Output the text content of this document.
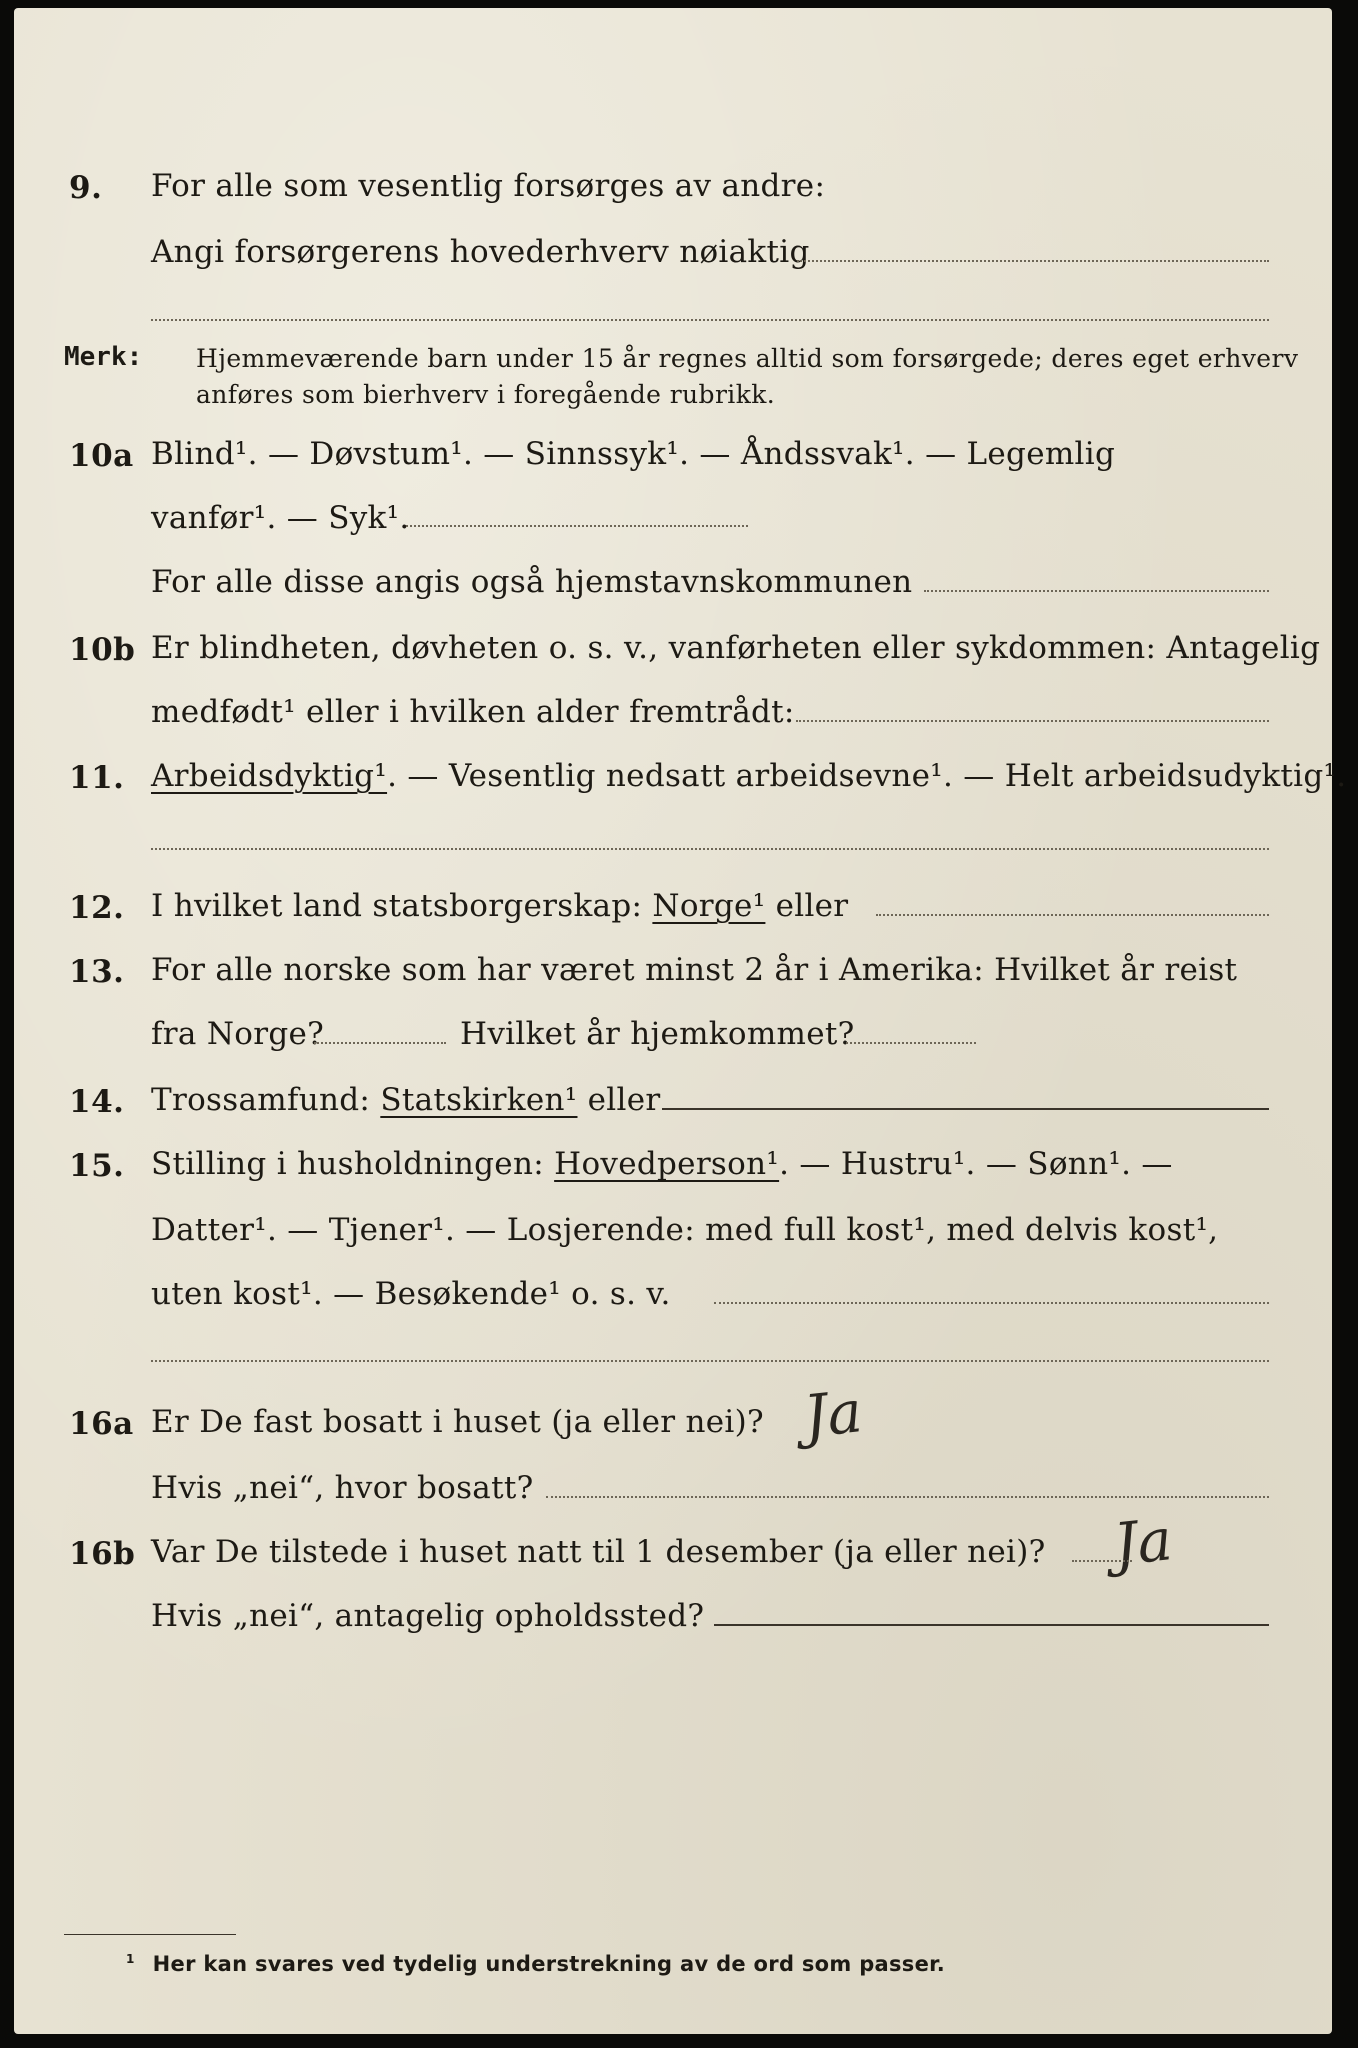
9. For alle som vesentlig forsørges av andre:
Angi forsørgerens hovederhverv nøiaktig
Merk: Hjemmeværende barn under 15 år regnes alltid som forsørgede; deres eget erhverv
anføres som bierhverv i foregående rubrikk.
10a Blind¹. — Døvstum¹. — Sinnssyk¹. — Åndssvak¹. — Legemlig
vanfør¹. — Syk¹.
For alle disse angis også hjemstavnskommunen
10b Er blindheten, døvheten o. s. v., vanførheten eller sykdommen: Antagelig
medfødt¹ eller i hvilken alder fremtrådt:
11. Arbeidsdyktig¹. — Vesentlig nedsatt arbeidsevne¹. — Helt arbeidsudyktig¹.
12. I hvilket land statsborgerskap: Norge¹ eller
13. For alle norske som har været minst 2 år i Amerika: Hvilket år reist
fra Norge?	Hvilket år hjemkommet?
14. Trossamfund: Statskirken¹ eller
15. Stilling i husholdningen: Hovedperson¹. — Hustru¹. — Sønn¹. —
Datter¹. — Tjener¹. — Losjerende: med full kost¹, med delvis kost¹,
uten kost¹. — Besøkende¹ o. s. v.
16a Er De fast bosatt i huset (ja eller nei)? Ja
Hvis „nei“, hvor bosatt?
16b Var De tilstede i huset natt til 1 desember (ja eller nei)? Ja
Hvis „nei“, antagelig opholdssted?
$^1$ Her kan svares ved tydelig understrekning av de ord som passer.
